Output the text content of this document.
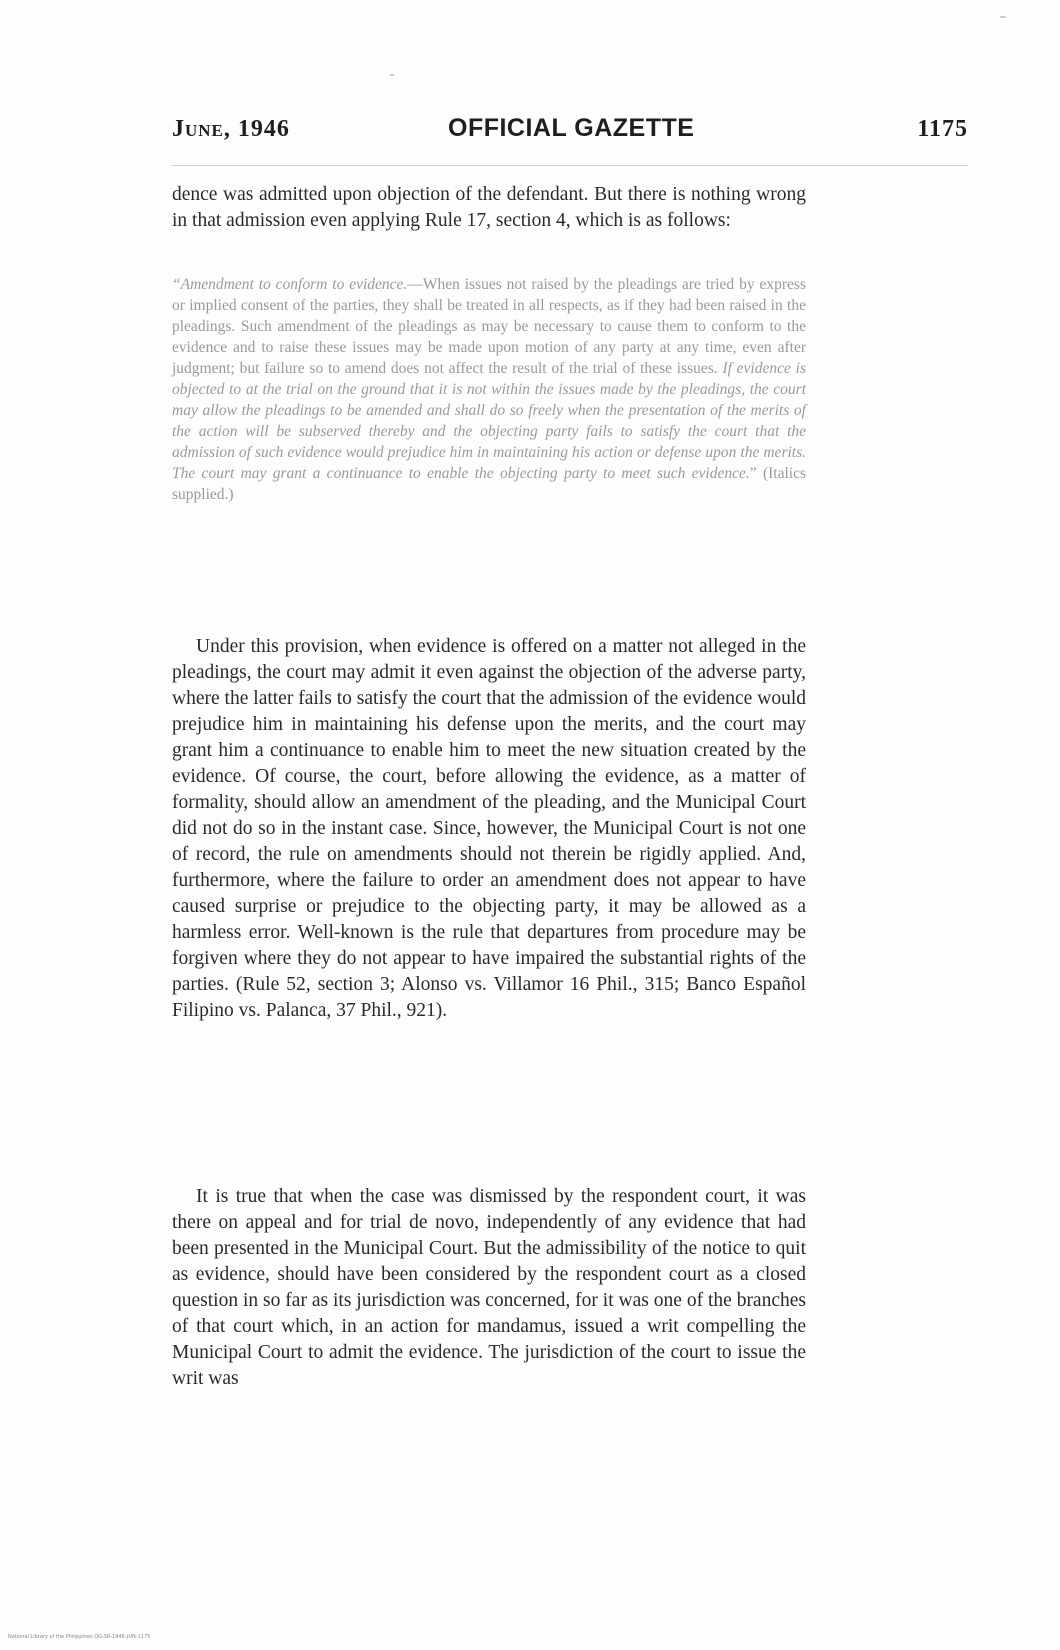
June, 1946	OFFICIAL GAZETTE	1175
dence was admitted upon objection of the defendant. But there is nothing wrong in that admission even applying Rule 17, section 4, which is as follows:
“Amendment to conform to evidence.—When issues not raised by the pleadings are tried by express or implied consent of the parties, they shall be treated in all respects, as if they had been raised in the pleadings. Such amendment of the pleadings as may be necessary to cause them to conform to the evidence and to raise these issues may be made upon motion of any party at any time, even after judgment; but failure so to amend does not affect the result of the trial of these issues. If evidence is objected to at the trial on the ground that it is not within the issues made by the pleadings, the court may allow the pleadings to be amended and shall do so freely when the presentation of the merits of the action will be subserved thereby and the objecting party fails to satisfy the court that the admission of such evidence would prejudice him in maintaining his action or defense upon the merits. The court may grant a continuance to enable the objecting party to meet such evidence.” (Italics supplied.)
Under this provision, when evidence is offered on a matter not alleged in the pleadings, the court may admit it even against the objection of the adverse party, where the latter fails to satisfy the court that the admission of the evidence would prejudice him in maintaining his defense upon the merits, and the court may grant him a continuance to enable him to meet the new situation created by the evidence. Of course, the court, before allowing the evidence, as a matter of formality, should allow an amendment of the pleading, and the Municipal Court did not do so in the instant case. Since, however, the Municipal Court is not one of record, the rule on amendments should not therein be rigidly applied. And, furthermore, where the failure to order an amendment does not appear to have caused surprise or prejudice to the objecting party, it may be allowed as a harmless error. Well-known is the rule that departures from procedure may be forgiven where they do not appear to have impaired the substantial rights of the parties. (Rule 52, section 3; Alonso vs. Villamor 16 Phil., 315; Banco Español Filipino vs. Palanca, 37 Phil., 921).
It is true that when the case was dismissed by the respondent court, it was there on appeal and for trial de novo, independently of any evidence that had been presented in the Municipal Court. But the admissibility of the notice to quit as evidence, should have been considered by the respondent court as a closed question in so far as its jurisdiction was concerned, for it was one of the branches of that court which, in an action for mandamus, issued a writ compelling the Municipal Court to admit the evidence. The jurisdiction of the court to issue the writ was
National Library of the Philippines OG-SR-1946-JUN-1175
